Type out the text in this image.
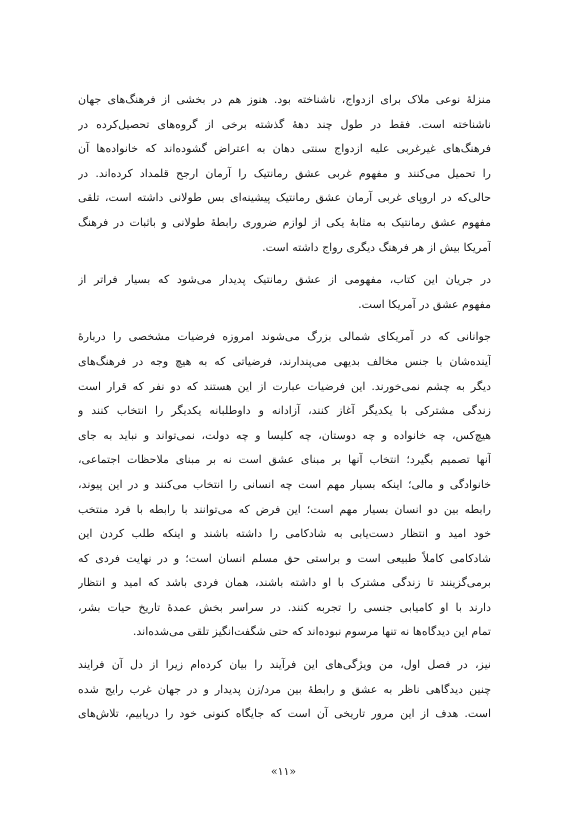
منزلهٔ نوعی ملاک برای ازدواج، ناشناخته بود. هنوز هم در بخشی از فرهنگ‌های جهان
ناشناخته است. فقط در طول چند دههٔ گذشته برخی از گروه‌های تحصیل‌کرده در
فرهنگ‌های غیر‌غربی علیه ازدواج سنتی دهان به اعتراض گشوده‌اند که خانواده‌ها آن
را تحمیل می‌کنند و مفهوم غربی عشق رمانتیک را آرمان ارجح قلمداد کرده‌اند. در
حالی‌که در اروپای غربی آرمان عشق رمانتیک پیشینه‌ای بس طولانی داشته است، تلقی
مفهوم عشق رمانتیک به مثابهٔ یکی از لوازم ضروری رابطهٔ طولانی و باثبات در فرهنگ
آمریکا بیش از هر فرهنگ دیگری رواج داشته است.
در جریان این کتاب، مفهومی از عشق رمانتیک پدیدار می‌شود که بسیار فراتر از
مفهوم عشق در آمریکا است.
جوانانی که در آمریکای شمالی بزرگ می‌شوند امروزه فرضیات مشخصی را دربارهٔ
آینده‌شان با جنس مخالف بدیهی می‌پندارند، فرضیاتی که به هیچ وجه در فرهنگ‌های
دیگر به چشم نمی‌خورند. این فرضیات عبارت از این هستند که دو نفر که قرار است
زندگی مشترکی با یکدیگر آغاز کنند، آزادانه و داوطلبانه یکدیگر را انتخاب کنند و
هیچ‌کس، چه خانواده و چه دوستان، چه کلیسا و چه دولت، نمی‌تواند و نباید به جای
آنها تصمیم بگیرد؛ انتخاب آنها بر مبنای عشق است نه بر مبنای ملاحظات اجتماعی،
خانوادگی و مالی؛ اینکه بسیار مهم است چه انسانی را انتخاب می‌کنند و در این پیوند،
رابطه بین دو انسان بسیار مهم است؛ این فرض که می‌توانند با رابطه با فرد منتخب
خود امید و انتظار دست‌یابی به شادکامی را داشته باشند و اینکه طلب کردن این
شادکامی کاملاً طبیعی است و براستی حق مسلم انسان است؛ و در نهایت فردی که
برمی‌گزینند تا زندگی مشترک با او داشته باشند، همان فردی باشد که امید و انتظار
دارند با او کامیابی جنسی را تجربه کنند. در سراسر بخش عمدهٔ تاریخ حیات بشر،
تمام این دیدگاه‌ها نه تنها مرسوم نبوده‌اند که حتی شگفت‌انگیز تلقی می‌شده‌اند.
نیز، در فصل اول، من ویژگی‌های این فرآیند را بیان کرده‌ام زیرا از دل آن فرایند
چنین دیدگاهی ناظر به عشق و رابطهٔ بین مرد/زن پدیدار و در جهان غرب رایج شده
است. هدف از این مرور تاریخی آن است که جایگاه کنونی خود را دریابیم، تلاش‌های
«۱۱»
